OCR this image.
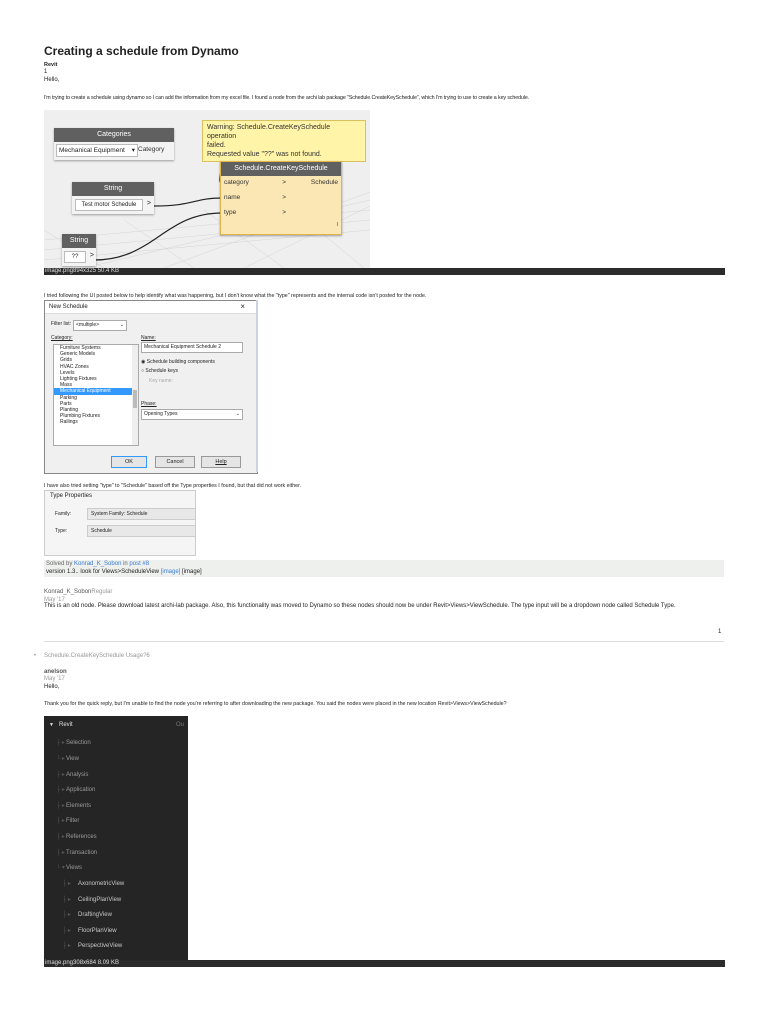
Creating a schedule from Dynamo
Revit
1
Hello,
I'm trying to create a schedule using dynamo so I can add the information from my excel file. I found a node from the archi lab package "Schedule.CreateKeySchedule", which I'm trying to use to create a key schedule.
Categories
Mechanical Equipment ▾ Category
Warning: Schedule.CreateKeySchedule operation
failed.
Requested value "??" was not found.
String
Test motor Schedule	>
String
??	>
Schedule.CreateKeySchedule
category	>
name	>
type	>
Schedule
l
image.png894x325 50.4 KB
I tried following the UI posted below to help identify what was happening, but I don't know what the "type" represents and the internal code isn't posted for the node.
New Schedule	×
Filter list:	<multiple>	⌄
Category:
Furniture Systems
Generic Models
Grids
HVAC Zones
Levels
Lighting Fixtures
Mass
Mechanical Equipment
Parking
Parts
Planting
Plumbing Fixtures
Railings
Name:
Mechanical Equipment Schedule 2
◉ Schedule building components
○ Schedule keys
Key name:
Phase:
Opening Types	⌄
OK	Cancel	Help
I have also tried setting "type" to "Schedule" based off the Type properties I found, but that did not work either.
Type Properties
Family:	System Family: Schedule
Type:	Schedule
Solved by Konrad_K_Sobon in post #8
version 1.3.. look for Views>ScheduleView [image] [image]
Konrad_K_SobonRegular
May '17
This is an old node. Please download latest archi-lab package. Also, this functionality was moved to Dynamo so these nodes should now be under Revit>Views>ViewSchedule. The type input will be a dropdown node called Schedule Type.
1
• Schedule.CreateKeySchedule Usage?6
anelson
May '17
Hello,
Thank you for the quick reply, but I'm unable to find the node you're referring to after downloading the new package. You said the nodes were placed in the new location Revit>Views>ViewSchedule?
▼ Revit	Ou
├ ▸ Selection
└ ▸ View
├ ▸ Analysis
├ ▸ Application
├ ▸ Elements
├ ▸ Filter
├ ▸ References
├ ▸ Transaction
└ ▾ Views
├ ▸ AxonometricView
├ ▸ CeilingPlanView
├ ▸ DraftingView
├ ▸ FloorPlanView
├ ▸ PerspectiveView
image.png308x684 8.09 KB
